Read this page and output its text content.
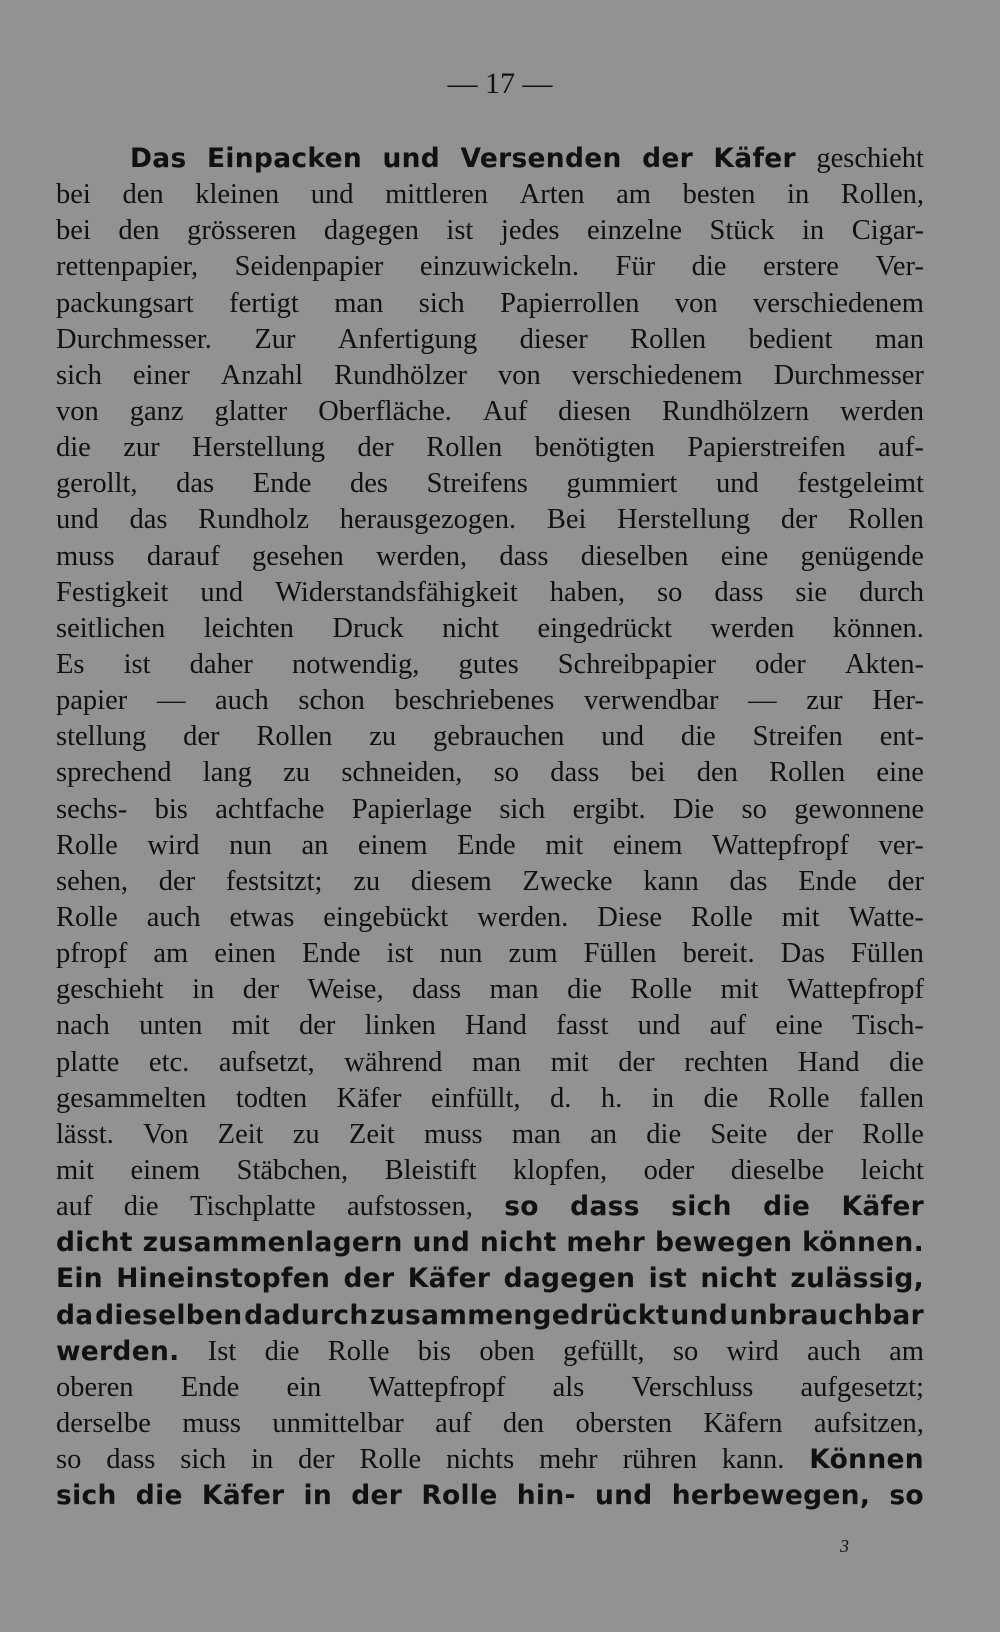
— 17 —
Das Einpacken und Versenden der Käfer geschieht
bei den kleinen und mittleren Arten am besten in Rollen,
bei den grösseren dagegen ist jedes einzelne Stück in Cigar-
rettenpapier, Seidenpapier einzuwickeln. Für die erstere Ver-
packungsart fertigt man sich Papierrollen von verschiedenem
Durchmesser. Zur Anfertigung dieser Rollen bedient man
sich einer Anzahl Rundhölzer von verschiedenem Durchmesser
von ganz glatter Oberfläche. Auf diesen Rundhölzern werden
die zur Herstellung der Rollen benötigten Papierstreifen auf-
gerollt, das Ende des Streifens gummiert und festgeleimt
und das Rundholz herausgezogen. Bei Herstellung der Rollen
muss darauf gesehen werden, dass dieselben eine genügende
Festigkeit und Widerstandsfähigkeit haben, so dass sie durch
seitlichen leichten Druck nicht eingedrückt werden können.
Es ist daher notwendig, gutes Schreibpapier oder Akten-
papier — auch schon beschriebenes verwendbar — zur Her-
stellung der Rollen zu gebrauchen und die Streifen ent-
sprechend lang zu schneiden, so dass bei den Rollen eine
sechs- bis achtfache Papierlage sich ergibt. Die so gewonnene
Rolle wird nun an einem Ende mit einem Wattepfropf ver-
sehen, der festsitzt; zu diesem Zwecke kann das Ende der
Rolle auch etwas eingebückt werden. Diese Rolle mit Watte-
pfropf am einen Ende ist nun zum Füllen bereit. Das Füllen
geschieht in der Weise, dass man die Rolle mit Wattepfropf
nach unten mit der linken Hand fasst und auf eine Tisch-
platte etc. aufsetzt, während man mit der rechten Hand die
gesammelten todten Käfer einfüllt, d. h. in die Rolle fallen
lässt. Von Zeit zu Zeit muss man an die Seite der Rolle
mit einem Stäbchen, Bleistift klopfen, oder dieselbe leicht
auf die Tischplatte aufstossen, so dass sich die Käfer
dicht zusammenlagern und nicht mehr bewegen können.
Ein Hineinstopfen der Käfer dagegen ist nicht zulässig,
da dieselben dadurch zusammengedrückt und unbrauchbar
werden. Ist die Rolle bis oben gefüllt, so wird auch am
oberen Ende ein Wattepfropf als Verschluss aufgesetzt;
derselbe muss unmittelbar auf den obersten Käfern aufsitzen,
so dass sich in der Rolle nichts mehr rühren kann. Können
sich die Käfer in der Rolle hin- und herbewegen, so
3
